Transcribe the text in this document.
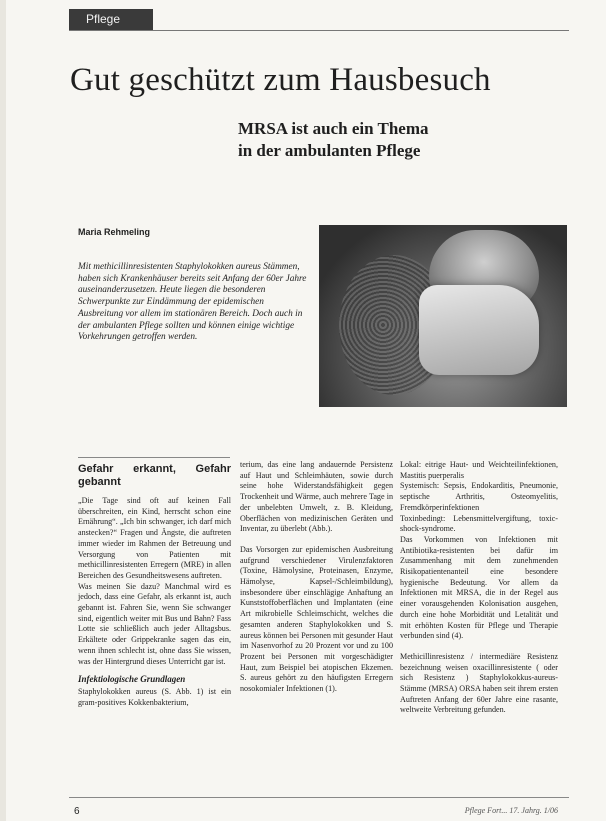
Pflege
Gut geschützt zum Hausbesuch
MRSA ist auch ein Thema
in der ambulanten Pflege
Maria Rehmeling

Mit methicillinresistenten Staphylokokken aureus Stämmen, haben sich Krankenhäuser bereits seit Anfang der 60er Jahre auseinanderzusetzen. Heute liegen die besonderen Schwerpunkte zur Eindämmung der epidemischen Ausbreitung vor allem im stationären Bereich. Doch auch in der ambulanten Pflege sollten und können einige wichtige Vorkehrungen getroffen werden.

Gefahr erkannt, Gefahr gebannt

„Die Tage sind oft auf keinen Fall überschreiten, ein Kind, herrscht schon eine Ernährung“. „Ich bin schwanger, ich darf mich anstecken?“ Fragen und Ängste, die auftreten immer wieder im Rahmen der Betreuung und Versorgung von Patienten mit methicillinresistenten Erregern (MRE) in allen Bereichen des Gesundheitswesens auftreten.

Was meinen Sie dazu? Manchmal wird es jedoch, dass eine Gefahr, als erkannt ist, auch gebannt ist. Fahren Sie, wenn Sie schwanger sind, eigentlich weiter mit Bus und Bahn? Fass Lotte sie schließlich auch jeder Alltagsbus. Erkältete oder Grippekranke sagen das ein, wenn ihnen schlecht ist, ohne dass Sie wissen, was der Hintergrund dieses Unterricht gar ist.

Infektiologische Grundlagen

Staphylokokken aureus (S. Abb. 1) ist ein gram-positives Kokkenbakterium,

terium, das eine lang andauernde Persistenz auf Haut und Schleimhäuten, sowie durch seine hohe Widerstandsfähigkeit gegen Trockenheit und Wärme, auch mehrere Tage in der unbelebten Umwelt, z. B. Kleidung, Oberflächen von medizinischen Geräten und Inventar, zu überlebt (Abb.).

Das Vorsorgen zur epidemischen Ausbreitung aufgrund verschiedener Virulenzfaktoren (Toxine, Hämolysine, Proteinasen, Enzyme, Hämolyse, Kapsel-/Schleimbildung), insbesondere über einschlägige Anhaftung an Kunststoffoberflächen und Implantaten (eine Art mikrobielle Schleimschicht, welches die gesamten anderen Staphylokokken und S. aureus können bei Personen mit gesunder Haut im Nasenvorhof zu 20 Prozent vor und zu 100 Prozent bei Personen mit vorgeschädigter Haut, zum Beispiel bei atopischen Ekzemen. S. aureus gehört zu den häufigsten Erregern nosokomialer Infektionen (1).

Lokal: eitrige Haut- und Weichteilinfektionen, Mastitis puerperalis

Systemisch: Sepsis, Endokarditis, Pneumonie, septische Arthritis, Osteomyelitis, Fremdkörperinfektionen

Toxinbedingt: Lebensmittelvergiftung, toxic-shock-syndrome.

Das Vorkommen von Infektionen mit Antibiotika-resistenten bei dafür im Zusammenhang mit dem zunehmenden Risikopatientenanteil eine besondere hygienische Bedeutung. Vor allem da Infektionen mit MRSA, die in der Regel aus einer vorausgehenden Kolonisation ausgehen, durch eine hohe Morbidität und Letalität und mit erhöhten Kosten für Pflege und Therapie verbunden sind (4).

Methicillinresistenz / intermediäre Resistenz bezeichnung weisen oxacillinresistente ( oder sich Resistenz ) Staphylokokkus-aureus-Stämme (MRSA) ORSA haben seit ihrem ersten Auftreten Anfang der 60er Jahre eine rasante, weltweite Verbreitung gefunden.

6	Pflege Fort... 17. Jahrg. 1/06
